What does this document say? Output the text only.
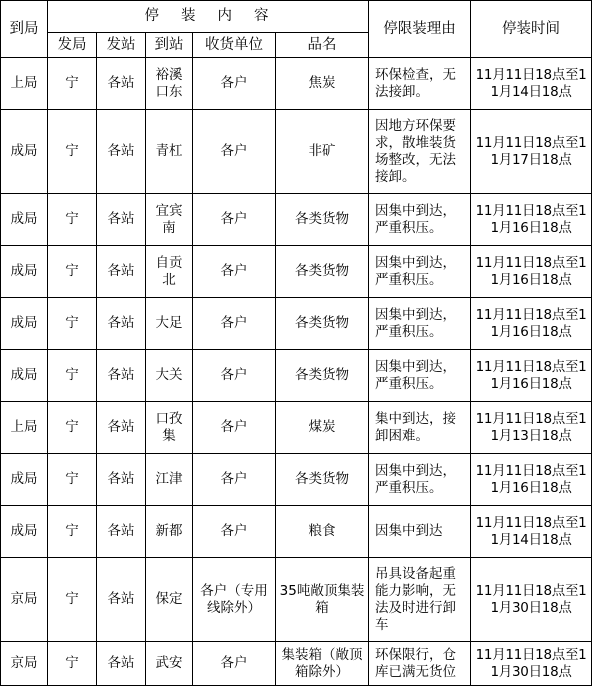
到局	停装内容					停限装理由	停装时间
	发局	发站	到站	收货单位	品名		
上局	宁	各站	裕溪口东	各户	焦炭	环保检查，无法接卸。	11月11日18点至11月14日18点
成局	宁	各站	青杠	各户	非矿	因地方环保要求，散堆装货场整改，无法接卸。	11月11日18点至11月17日18点
成局	宁	各站	宜宾南	各户	各类货物	因集中到达，严重积压。	11月11日18点至11月16日18点
成局	宁	各站	自贡北	各户	各类货物	因集中到达，严重积压。	11月11日18点至11月16日18点
成局	宁	各站	大足	各户	各类货物	因集中到达，严重积压。	11月11日18点至11月16日18点
成局	宁	各站	大关	各户	各类货物	因集中到达，严重积压。	11月11日18点至11月16日18点
上局	宁	各站	口孜集	各户	煤炭	集中到达，接卸困难。	11月11日18点至11月13日18点
成局	宁	各站	江津	各户	各类货物	因集中到达，严重积压。	11月11日18点至11月16日18点
成局	宁	各站	新都	各户	粮食	因集中到达	11月11日18点至11月14日18点
京局	宁	各站	保定	各户（专用线除外）	35吨敞顶集装箱	吊具设备起重能力影响，无法及时进行卸车	11月11日18点至11月30日18点
京局	宁	各站	武安	各户	集装箱（敞顶箱除外）	环保限行，仓库已满无货位	11月11日18点至11月30日18点
